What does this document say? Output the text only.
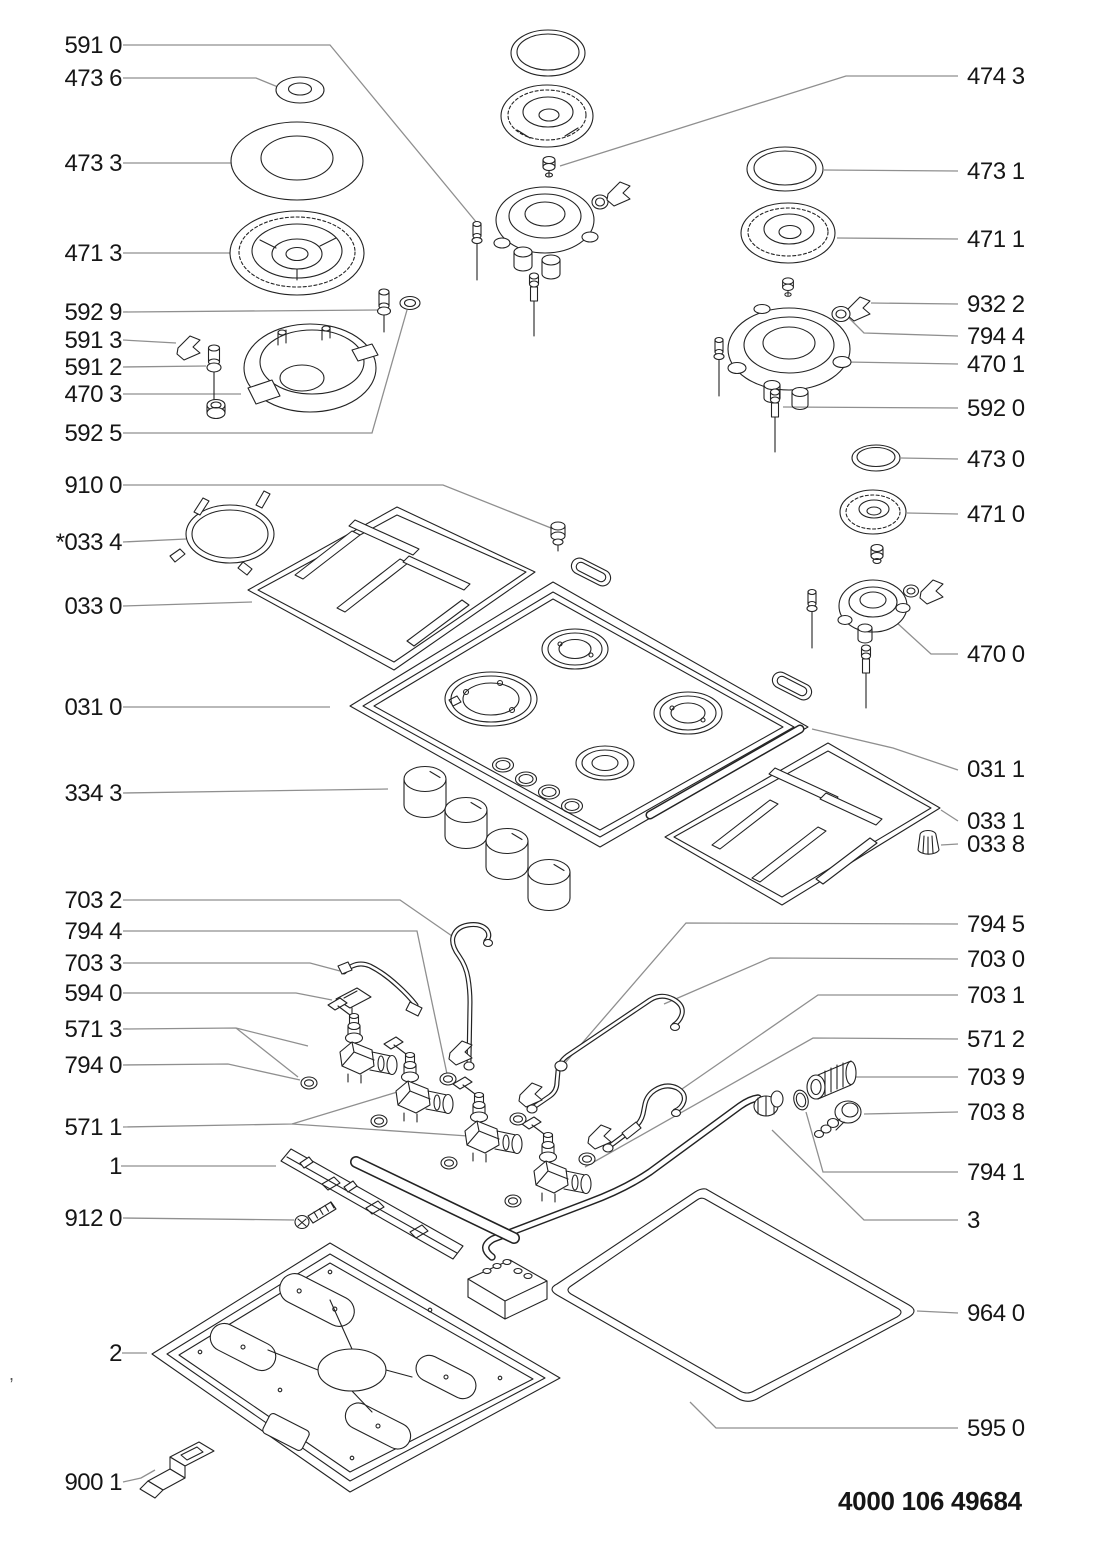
591 0
473 6
473 3
471 3
592 9
591 3
591 2
470 3
592 5
910 0
*033 4
033 0
031 0
334 3
703 2
794 4
703 3
594 0
571 3
794 0
571 1
1
912 0
2
900 1
474 3
473 1
471 1
932 2
794 4
470 1
592 0
473 0
471 0
470 0
031 1
033 1
033 8
794 5
703 0
703 1
571 2
703 9
703 8
794 1
3
964 0
595 0
4000 106 49684
,
